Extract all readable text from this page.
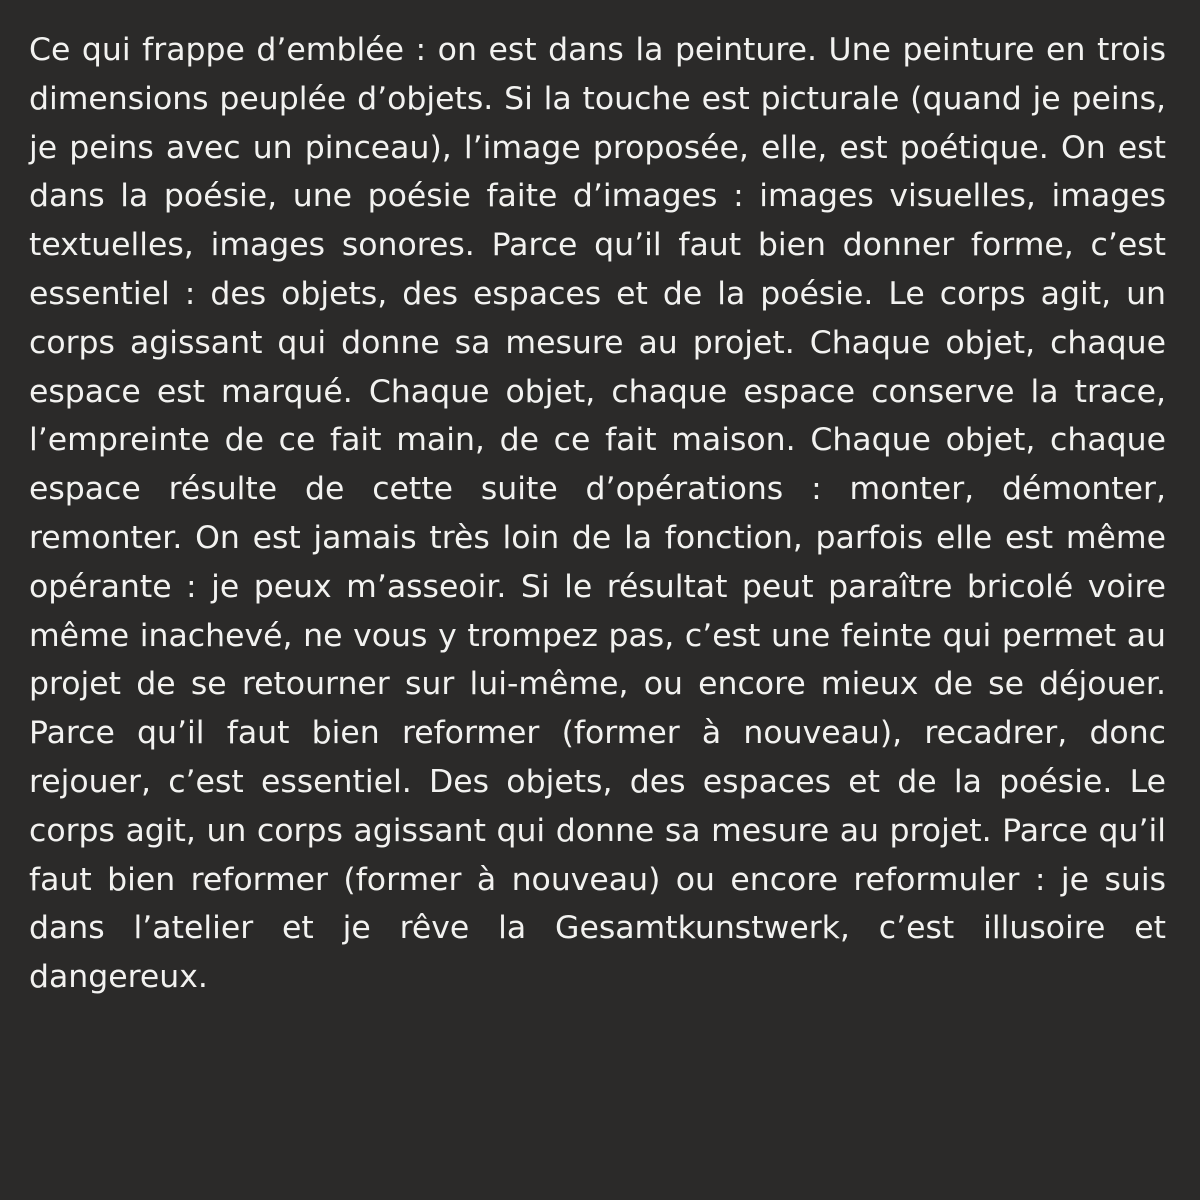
Ce qui frappe d’emblée : on est dans la peinture. Une peinture en trois dimensions peuplée d’objets. Si la touche est picturale (quand je peins, je peins avec un pinceau), l’image proposée, elle, est poétique. On est dans la poésie, une poésie faite d’images : images visuelles, images textuelles, images sonores. Parce qu’il faut bien donner forme, c’est essentiel : des objets, des espaces et de la poésie. Le corps agit, un corps agissant qui donne sa mesure au projet. Chaque objet, chaque espace est marqué. Chaque objet, chaque espace conserve la trace, l’empreinte de ce fait main, de ce fait maison. Chaque objet, chaque espace résulte de cette suite d’opérations : monter, démonter, remonter. On est jamais très loin de la fonction, parfois elle est même opérante : je peux m’asseoir. Si le résultat peut paraître bricolé voire même inachevé, ne vous y trompez pas, c’est une feinte qui permet au projet de se retourner sur lui-même, ou encore mieux de se déjouer. Parce qu’il faut bien reformer (former à nouveau), recadrer, donc rejouer, c’est essentiel. Des objets, des espaces et de la poésie. Le corps agit, un corps agissant qui donne sa mesure au projet. Parce qu’il faut bien reformer (former à nouveau) ou encore reformuler : je suis dans l’atelier et je rêve la Gesamtkunstwerk, c’est illusoire et dangereux.
